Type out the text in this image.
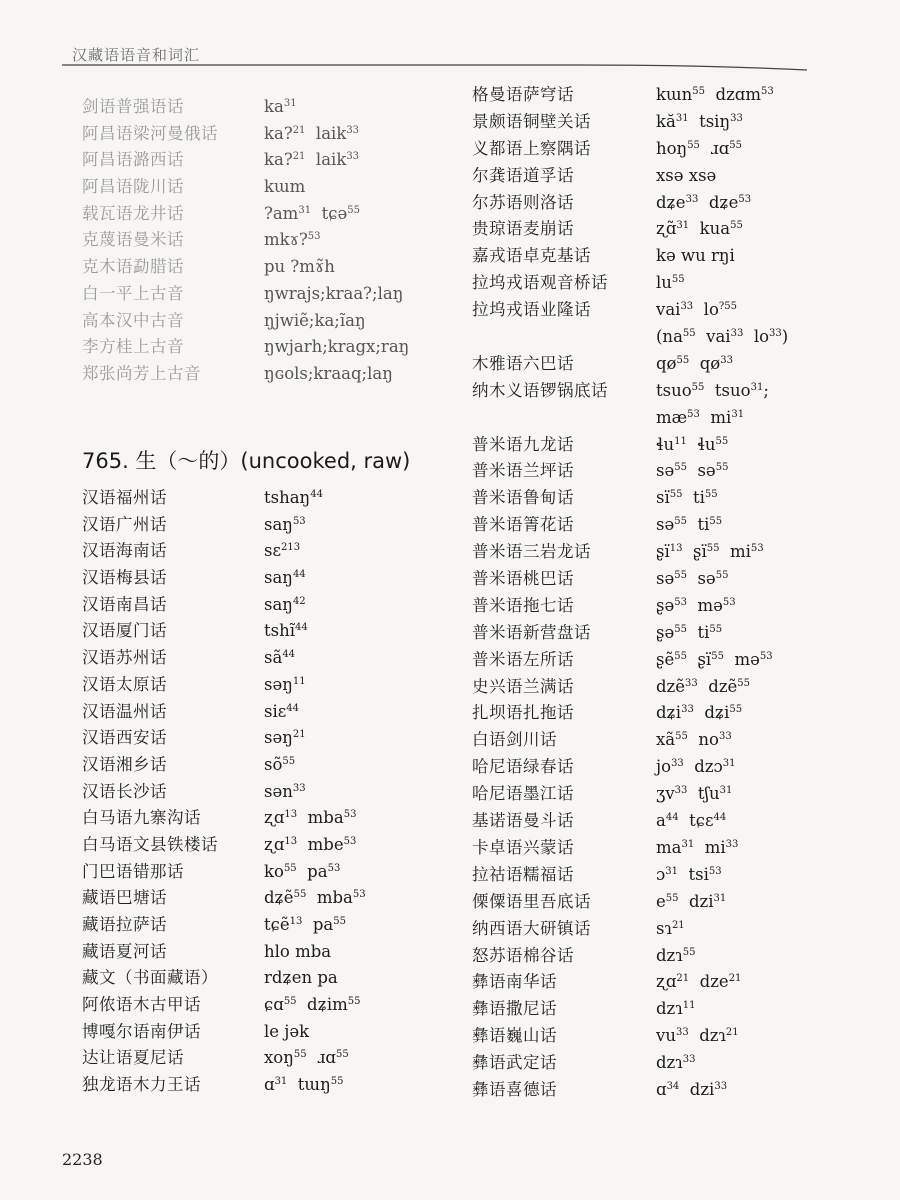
汉藏语语音和词汇
剑语普强语话	$ka^{31}$
阿昌语梁河曼俄话	ka?$^{21}$ laik$^{33}$
阿昌语潞西话	ka?$^{21}$ laik$^{33}$
阿昌语陇川话	kɯm
载瓦语龙井话	$?am^{31}$ tɕə$^{55}$
克蔑语曼米话	mkɤ?$^{53}$
克木语勐腊话	pu ?mɤ̃h
白一平上古音	ŋwrajs;kraa?;laŋ
高本汉中古音	ŋjwiẽ;ka;ĩaŋ
李方桂上古音	ŋwjarh;kragx;raŋ
郑张尚芳上古音	ŋɢols;kraaq;laŋ
765. 生（～的）(uncooked, raw)
汉语福州话	tshaŋ$^{44}$
汉语广州话	saŋ$^{53}$
汉语海南话	sɛ$^{213}$
汉语梅县话	saŋ$^{44}$
汉语南昌话	saŋ$^{42}$
汉语厦门话	tshĩ$^{44}$
汉语苏州话	$sã^{44}$
汉语太原话	səŋ$^{11}$
汉语温州话	siɛ$^{44}$
汉语西安话	səŋ$^{21}$
汉语湘乡话	$sõ^{55}$
汉语长沙话	sən$^{33}$
白马语九寨沟话	ʐɑ$^{13}$ mba$^{53}$
白马语文县铁楼话	ʐɑ$^{13}$ mbe$^{53}$
门巴语错那话	$ko^{55}$ $pa^{53}$
藏语巴塘话	dʑẽ$^{55}$ mba$^{53}$
藏语拉萨话	tɕẽ$^{13}$ $pa^{55}$
藏语夏河话	hlo mba
藏文（书面藏语）	rdʑen pa
阿侬语木古甲话	ɕɑ$^{55}$ dʑim$^{55}$
博嘎尔语南伊话	le jək
达让语夏尼话	xoŋ$^{55}$ ɹɑ$^{55}$
独龙语木力王话	ɑ$^{31}$ tɯŋ$^{55}$
格曼语萨穹话	kɯn$^{55}$ dzɑm$^{53}$
景颇语铜壁关话	$kă^{31}$ tsiŋ$^{33}$
义都语上察隅话	hoŋ$^{55}$ ɹɑ$^{55}$
尔龚语道孚话	xsə xsə
尔苏语则洛话	dʑe$^{33}$ dʑe$^{53}$
贵琼语麦崩话	ʐɑ̃$^{31}$ kua$^{55}$
嘉戎语卓克基话	kə wu rŋi
拉坞戎语观音桥话	$lu^{55}$
拉坞戎语业隆话	vai$^{33}$ $lo^{?55}$
($na^{55}$ vai$^{33}$ $lo^{33}$)
木雅语六巴话	$qø^{55}$ $qø^{33}$
纳木义语锣锅底话	tsuo$^{55}$ tsuo$^{31}$;
$mæ^{53}$ $mi^{31}$
普米语九龙话	ɬu$^{11}$ ɬu$^{55}$
普米语兰坪话	sə$^{55}$ sə$^{55}$
普米语鲁甸话	$sï^{55}$ $ti^{55}$
普米语箐花话	sə$^{55}$ $ti^{55}$
普米语三岩龙话	ʂï$^{13}$ ʂï$^{55}$ $mi^{53}$
普米语桃巴话	sə$^{55}$ sə$^{55}$
普米语拖七话	ʂə$^{53}$ mə$^{53}$
普米语新营盘话	ʂə$^{55}$ $ti^{55}$
普米语左所话	ʂẽ$^{55}$ ʂï$^{55}$ mə$^{53}$
史兴语兰满话	dzẽ$^{33}$ dzẽ$^{55}$
扎坝语扎拖话	dʑi$^{33}$ dʑi$^{55}$
白语剑川话	$xã^{55}$ $no^{33}$
哈尼语绿春话	$jo^{33}$ dzɔ$^{31}$
哈尼语墨江话	ʒv$^{33}$ tʃu$^{31}$
基诺语曼斗话	$a^{44}$ tɕɛ$^{44}$
卡卓语兴蒙话	$ma^{31}$ $mi^{33}$
拉祜语糯福话	ɔ$^{31}$ tsi$^{53}$
傈僳语里吾底话	$e^{55}$ dzi$^{31}$
纳西语大研镇话	sɿ$^{21}$
怒苏语棉谷话	dzɿ$^{55}$
彝语南华话	ʐɑ$^{21}$ dze$^{21}$
彝语撒尼话	dzɿ$^{11}$
彝语巍山话	$vu^{33}$ dzɿ$^{21}$
彝语武定话	dzɿ$^{33}$
彝语喜德话	ɑ$^{34}$ dzi$^{33}$
2238
